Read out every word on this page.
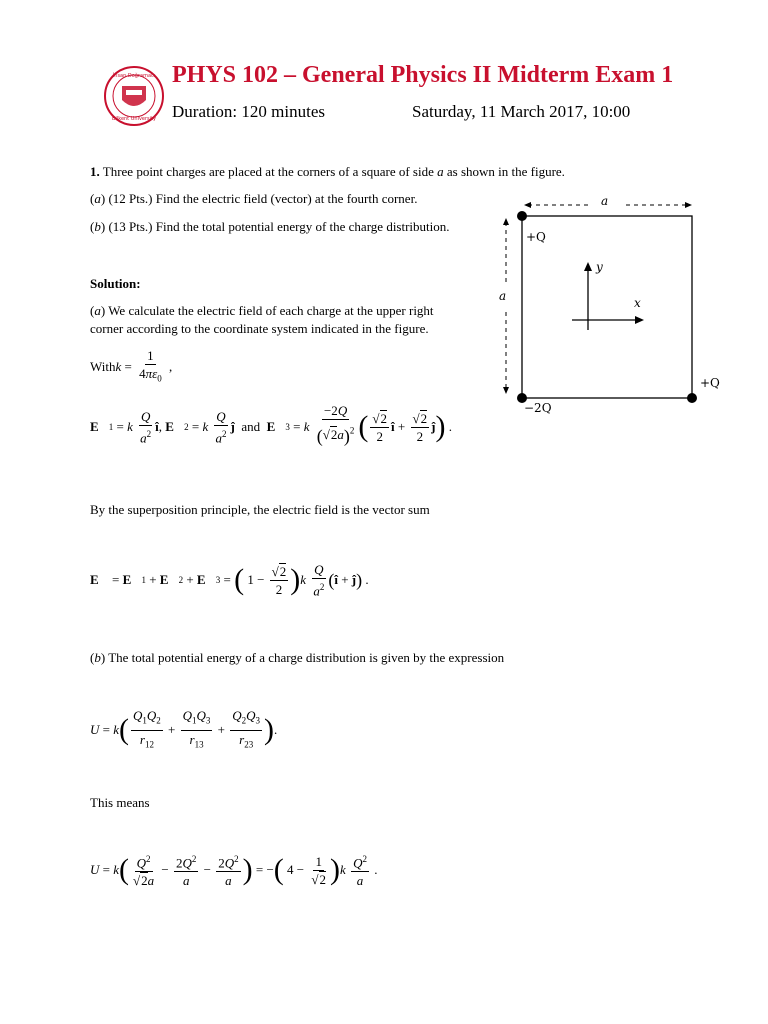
İhsan Doğramacı
Bilkent University
PHYS 102 – General Physics II Midterm Exam 1
Duration: 120 minutes	Saturday, 11 March 2017, 10:00
1. Three point charges are placed at the corners of a square of side a as shown in the figure.
(a) (12 Pts.) Find the electric field (vector) at the fourth corner.
(b) (13 Pts.) Find the total potential energy of the charge distribution.
a
a
+Q
+Q
−2Q
y
x
Solution:
(a) We calculate the electric field of each charge at the upper right
corner according to the coordinate system indicated in the figure.
With $k = \frac{1}{4\pi\varepsilon_0}$ ,
E⃗ 1 = k
$\frac{Q}{a^2}$ î , E⃗ 2 = k
$\frac{Q}{a^2}$ ĵ and E⃗ 3 = k
$\frac{-2Q}{(√2a)^2}$ ( $\frac{√2}{2}$ î + $\frac{√2}{2}$ ĵ ) .
By the superposition principle, the electric field is the vector sum
E⃗ = E⃗ 1 + E⃗ 2 + E⃗ 3 = ( $1 - \frac{√2}{2}$ ) k
$\frac{Q}{a^2}$ ( î + ĵ ) .
(b) The total potential energy of a charge distribution is given by the expression
U = k ( $\frac{Q_1Q_2}{r_{12}} + \frac{Q_1Q_3}{r_{13}} + \frac{Q_2Q_3}{r_{23}}$ ) .
This means
U = k ( $\frac{Q^2}{√2a} - \frac{2Q^2}{a} - \frac{2Q^2}{a}$ ) = − ( $4 - \frac{1}{√2}$ ) k
$\frac{Q^2}{a}$ .
